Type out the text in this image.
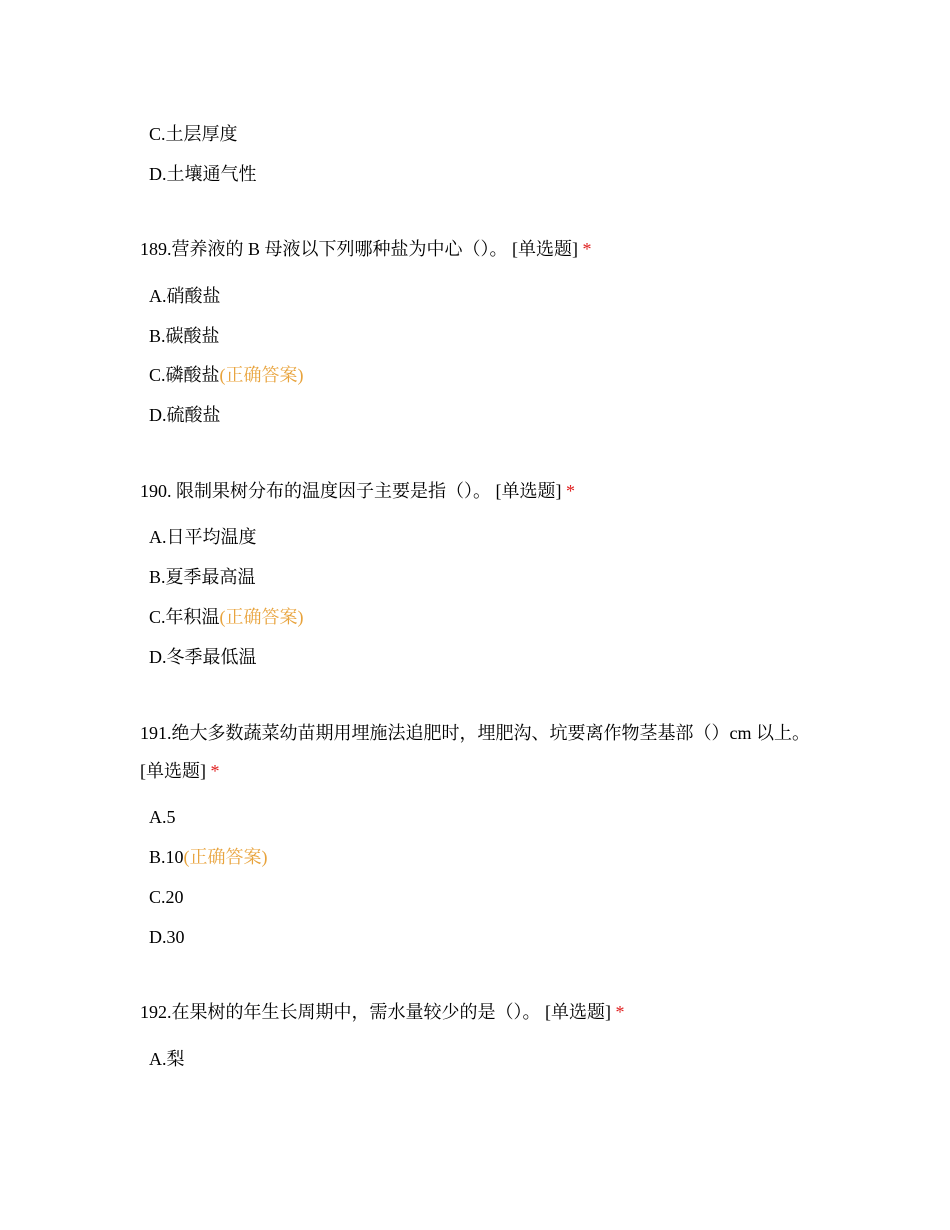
C.土层厚度
D.土壤通气性
189.营养液的 B 母液以下列哪种盐为中心（）。 [单选题] *
A.硝酸盐
B.碳酸盐
C.磷酸盐(正确答案)
D.硫酸盐
190. 限制果树分布的温度因子主要是指（）。 [单选题] *
A.日平均温度
B.夏季最高温
C.年积温(正确答案)
D.冬季最低温
191.绝大多数蔬菜幼苗期用埋施法追肥时，埋肥沟、坑要离作物茎基部（）cm 以上。 [单选题] *
A.5
B.10(正确答案)
C.20
D.30
192.在果树的年生长周期中，需水量较少的是（）。 [单选题] *
A.梨
